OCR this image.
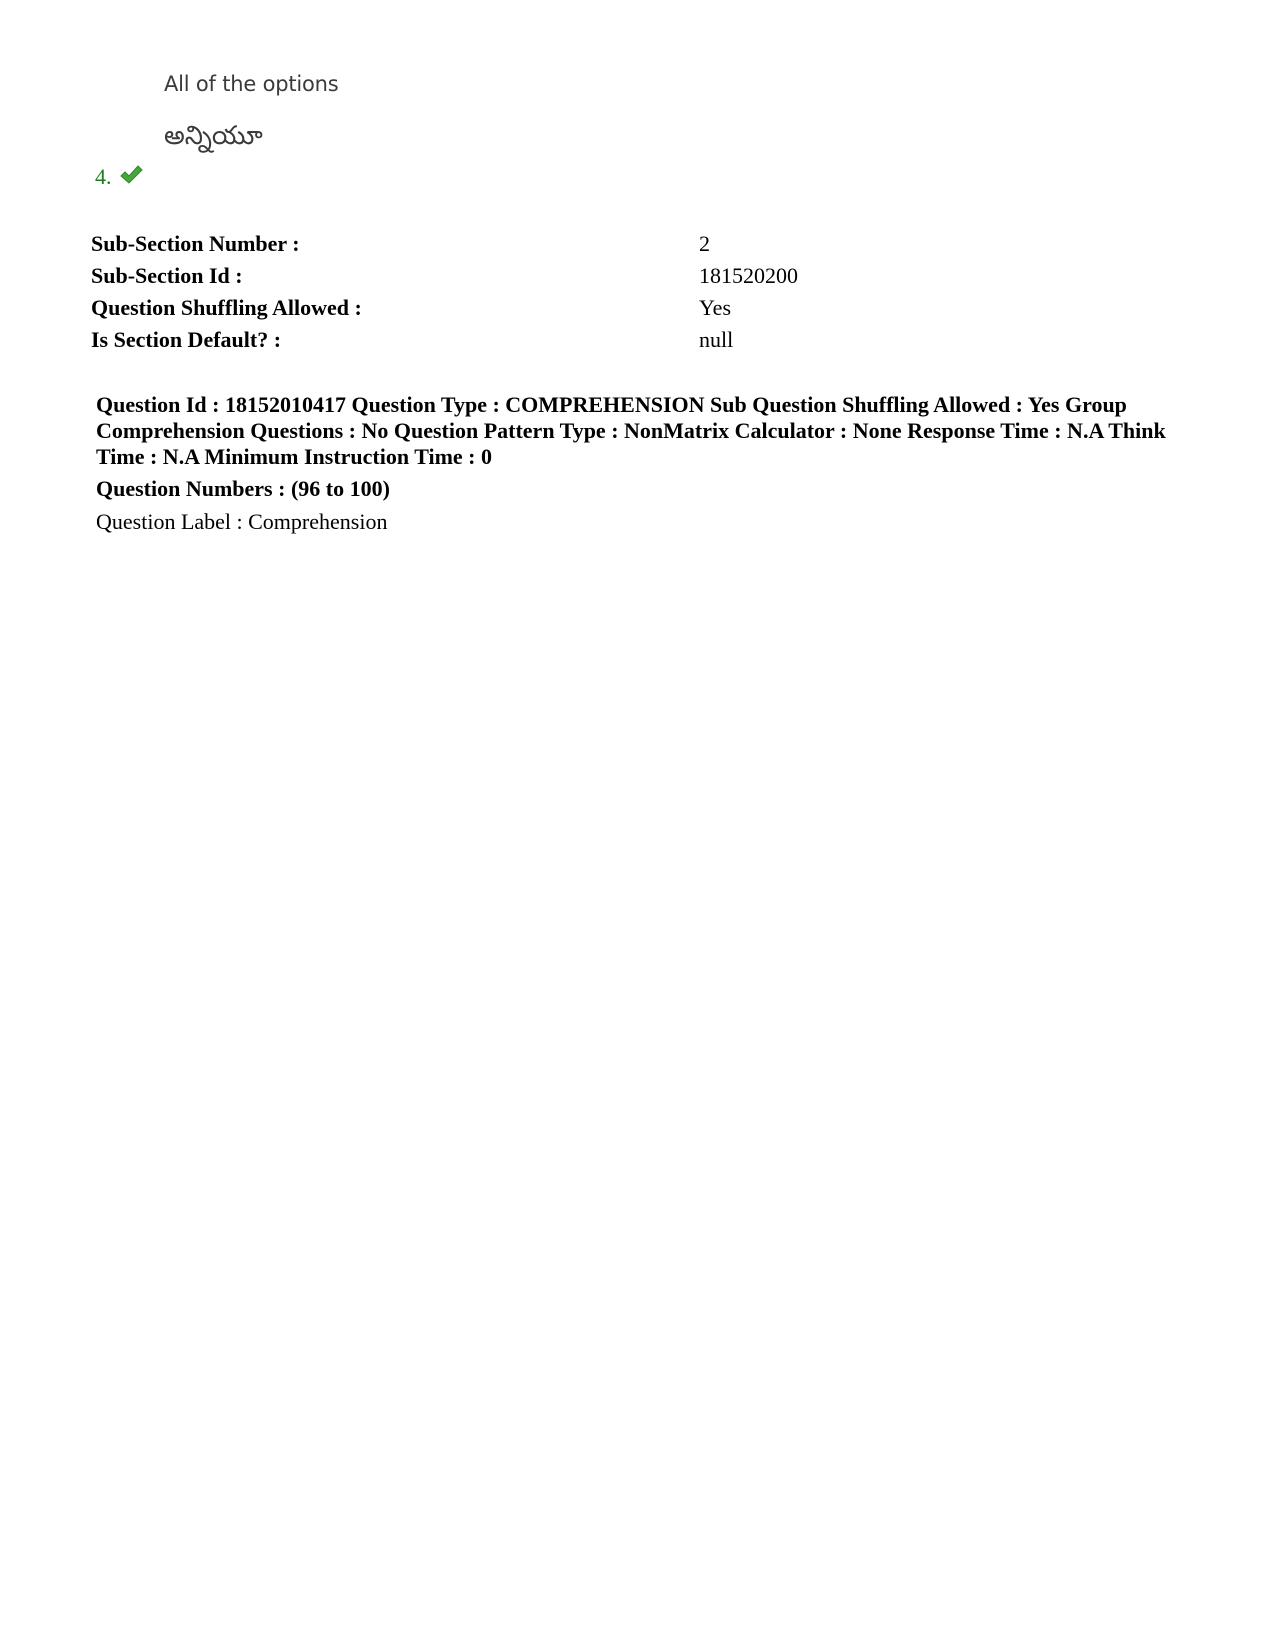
All of the options
అన్నియూ
4.
Sub-Section Number :	2
Sub-Section Id :	181520200
Question Shuffling Allowed :	Yes
Is Section Default? :	null

Question Id : 18152010417 Question Type : COMPREHENSION Sub Question Shuffling Allowed : Yes Group Comprehension Questions : No Question Pattern Type : NonMatrix Calculator : None Response Time : N.A Think Time : N.A Minimum Instruction Time : 0

Question Numbers : (96 to 100)

Question Label : Comprehension
